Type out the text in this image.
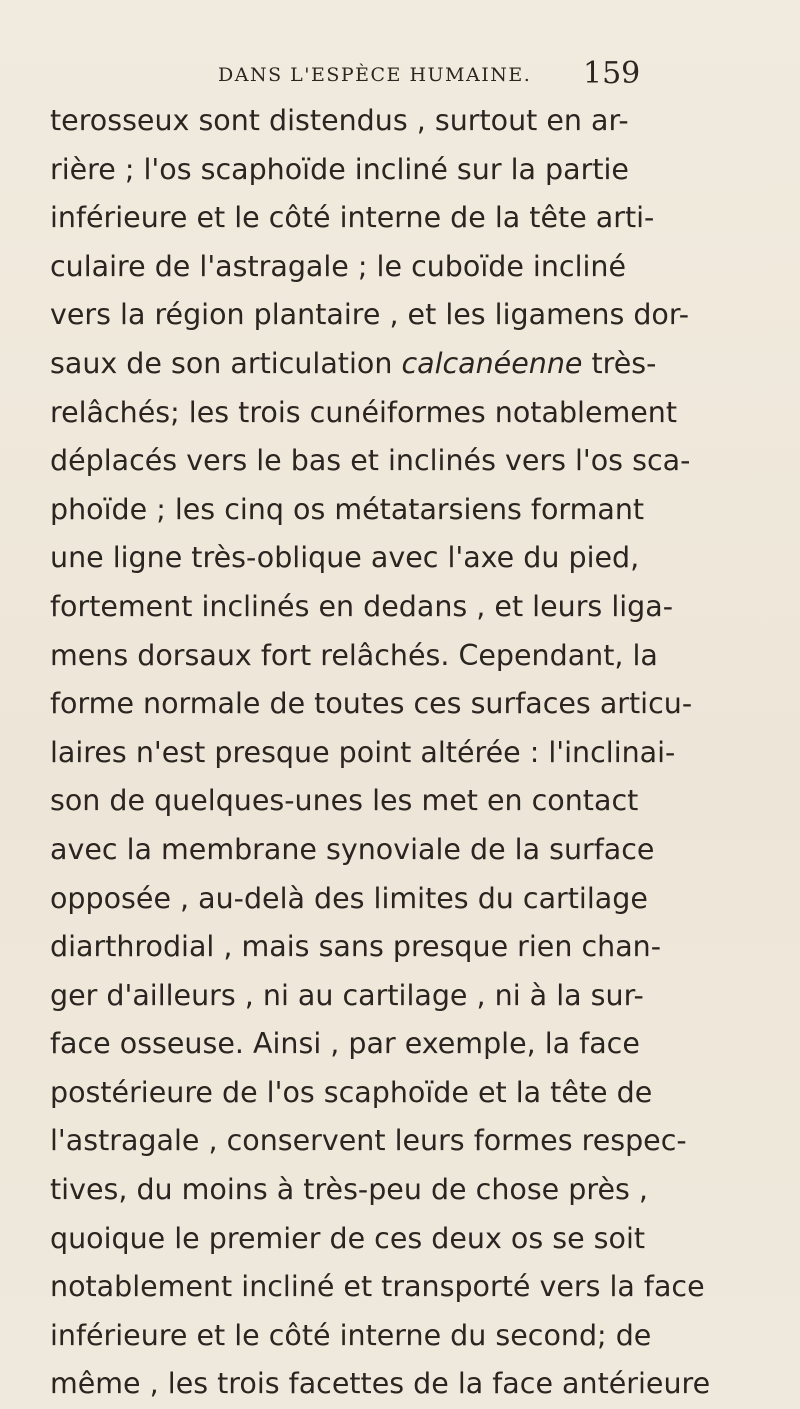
DANS L'ESPÈCE HUMAINE. 159
terosseux sont distendus , surtout en ar-
rière ; l'os scaphoïde incliné sur la partie
inférieure et le côté interne de la tête arti-
culaire de l'astragale ; le cuboïde incliné
vers la région plantaire , et les ligamens dor-
saux de son articulation calcanéenne très-
relâchés; les trois cunéiformes notablement
déplacés vers le bas et inclinés vers l'os sca-
phoïde ; les cinq os métatarsiens formant
une ligne très-oblique avec l'axe du pied,
fortement inclinés en dedans , et leurs liga-
mens dorsaux fort relâchés. Cependant, la
forme normale de toutes ces surfaces articu-
laires n'est presque point altérée : l'inclinai-
son de quelques-unes les met en contact
avec la membrane synoviale de la surface
opposée , au-delà des limites du cartilage
diarthrodial , mais sans presque rien chan-
ger d'ailleurs , ni au cartilage , ni à la sur-
face osseuse. Ainsi , par exemple, la face
postérieure de l'os scaphoïde et la tête de
l'astragale , conservent leurs formes respec-
tives, du moins à très-peu de chose près ,
quoique le premier de ces deux os se soit
notablement incliné et transporté vers la face
inférieure et le côté interne du second; de
même , les trois facettes de la face antérieure
